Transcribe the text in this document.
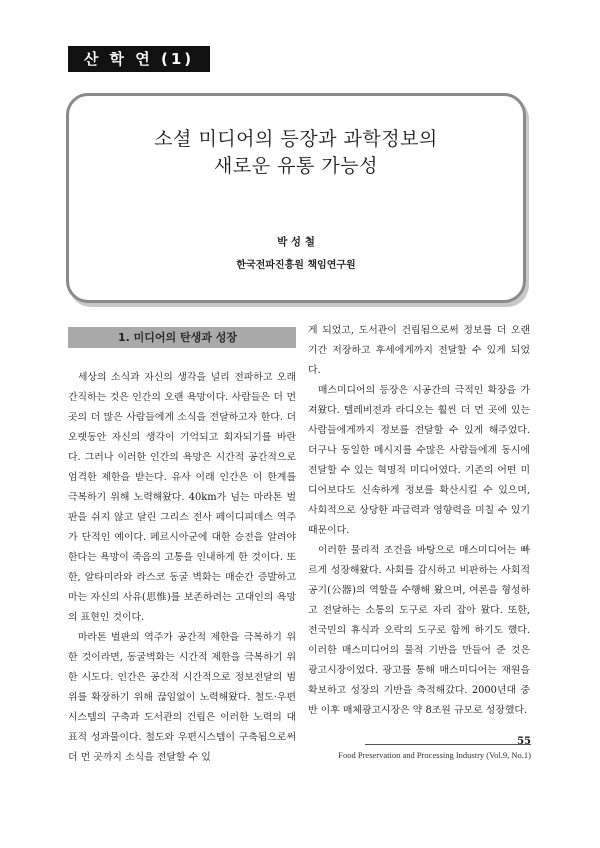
산 학 연 (1)
소셜 미디어의 등장과 과학정보의
새로운 유통 가능성
박 성 철
한국전파진흥원 책임연구원
1. 미디어의 탄생과 성장

세상의 소식과 자신의 생각을 널리 전파하고 오래 간직하는 것은 인간의 오랜 욕망이다. 사람들은 더 먼 곳의 더 많은 사람들에게 소식을 전달하고자 한다. 더 오랫동안 자신의 생각이 기억되고 회자되기를 바란다. 그러나 이러한 인간의 욕망은 시간적 공간적으로 엄격한 제한을 받는다. 유사 이래 인간은 이 한계를 극복하기 위해 노력해왔다. 40km가 넘는 마라톤 벌판을 쉬지 않고 달린 그리스 전사 페이디피데스 역주가 단적인 예이다. 페르시아군에 대한 승전을 알려야 한다는 욕망이 죽음의 고통을 인내하게 한 것이다. 또한, 알타미라와 라스코 동굴 벽화는 매순간 증발하고 마는 자신의 사유(思惟)를 보존하려는 고대인의 욕망의 표현인 것이다.

마라톤 벌판의 역주가 공간적 제한을 극복하기 위한 것이라면, 동굴벽화는 시간적 제한을 극복하기 위한 시도다. 인간은 공간적 시간적으로 정보전달의 범위를 확장하기 위해 끊임없이 노력해왔다. 철도·우편시스템의 구축과 도서관의 건립은 이러한 노력의 대표적 성과물이다. 철도와 우편시스템이 구축됨으로써 더 먼 곳까지 소식을 전달할 수 있

게 되었고, 도서관이 건립됨으로써 정보를 더 오랜 기간 저장하고 후세에게까지 전달할 수 있게 되었다.

매스미디어의 등장은 시공간의 극적인 확장을 가져왔다. 텔레비전과 라디오는 훨씬 더 먼 곳에 있는 사람들에게까지 정보를 전달할 수 있게 해주었다. 더구나 동일한 메시지를 수많은 사람들에게 동시에 전달할 수 있는 혁명적 미디어였다. 기존의 어떤 미디어보다도 신속하게 정보를 확산시킬 수 있으며, 사회적으로 상당한 파급력과 영향력을 미칠 수 있기 때문이다.

이러한 물리적 조건을 바탕으로 매스미디어는 빠르게 성장해왔다. 사회를 감시하고 비판하는 사회적 공기(公器)의 역할을 수행해 왔으며, 여론을 형성하고 전달하는 소통의 도구로 자리 잡아 왔다. 또한, 전국민의 휴식과 오락의 도구로 함께 하기도 했다. 이러한 매스미디어의 물적 기반을 만들어 준 것은 광고시장이었다. 광고를 통해 매스미디어는 재원을 확보하고 성장의 기반을 축적해갔다. 2000년대 중반 이후 매체광고시장은 약 8조원 규모로 성장했다.

55
Food Preservation and Processing Industry (Vol.9, No.1)
